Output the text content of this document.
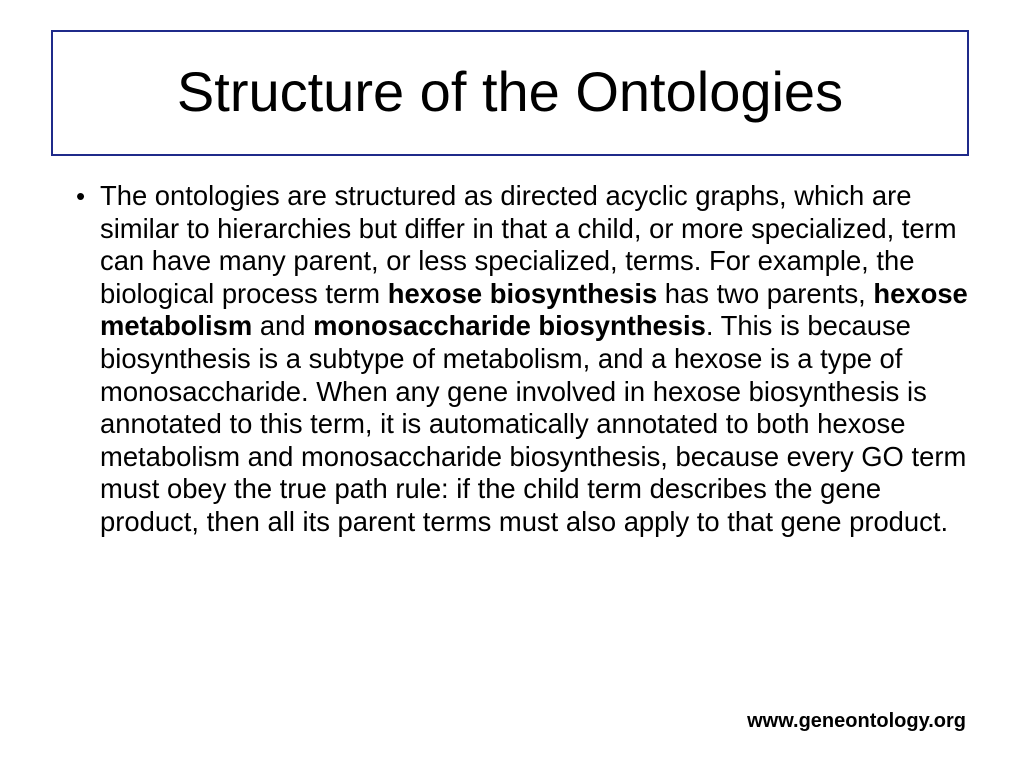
Structure of the Ontologies
• The ontologies are structured as directed acyclic graphs, which are similar to hierarchies but differ in that a child, or more specialized, term can have many parent, or less specialized, terms. For example, the biological process term hexose biosynthesis has two parents, hexose metabolism and monosaccharide biosynthesis. This is because biosynthesis is a subtype of metabolism, and a hexose is a type of monosaccharide. When any gene involved in hexose biosynthesis is annotated to this term, it is automatically annotated to both hexose metabolism and monosaccharide biosynthesis, because every GO term must obey the true path rule: if the child term describes the gene product, then all its parent terms must also apply to that gene product.
www.geneontology.org
